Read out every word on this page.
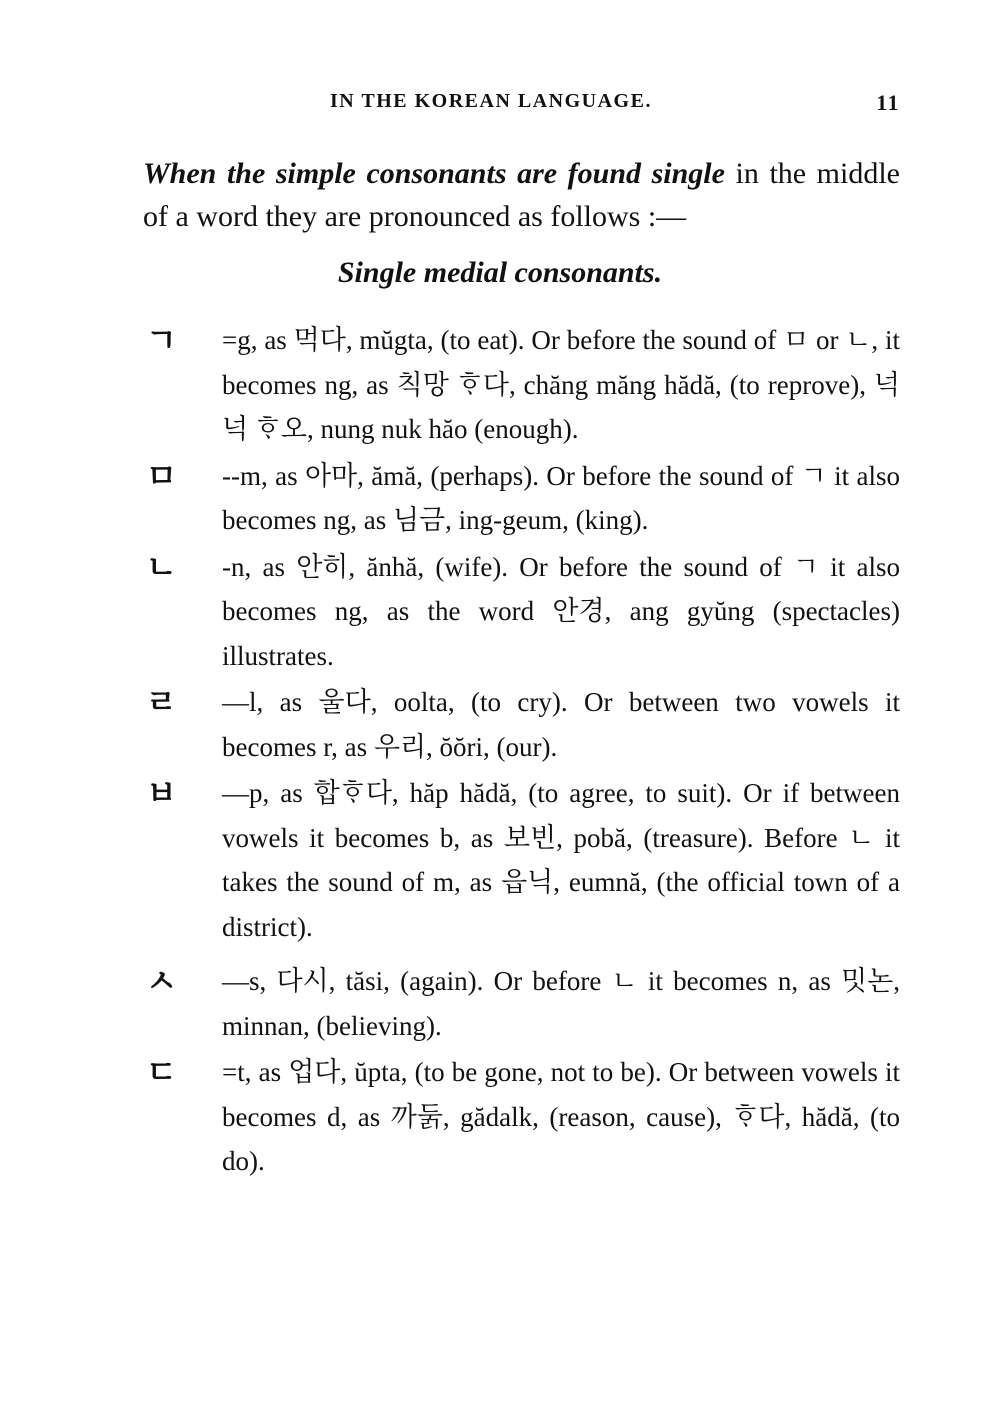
IN THE KOREAN LANGUAGE.	11
When the simple consonants are found single in the middle of a word they are pronounced as follows :—
Single medial consonants.
ㄱ	=g, as 먹다, mŭgta, (to eat). Or before the sound of ㅁ or ㄴ, it becomes ng, as 칙망 ᄒᆞ다, chăng măng hădă, (to reprove), 넉넉 ᄒᆞ오, nung nuk hăo (enough).
ㅁ	--m, as 아마, ămă, (perhaps). Or before the sound of ㄱ it also becomes ng, as 님금, ing-geum, (king).
ㄴ	-n, as 안히, ănhă, (wife). Or before the sound of ㄱ it also becomes ng, as the word 안경, ang gyŭng (spectacles) illustrates.
ㄹ	—l, as 울다, oolta, (to cry). Or between two vowels it becomes r, as 우리, ŏŏri, (our).
ㅂ	—p, as 합ᄒᆞ다, hăp hădă, (to agree, to suit). Or if between vowels it becomes b, as 보빈, pobă, (treasure). Before ㄴ it takes the sound of m, as 읍닉, eumnă, (the official town of a district).
ㅅ	—s, 다시, tăsi, (again). Or before ㄴ it becomes n, as 밋논, minnan, (believing).
ㄷ	=t, as 업다, ŭpta, (to be gone, not to be). Or between vowels it becomes d, as 까둙, gădalk, (reason, cause), ᄒᆞ다, hădă, (to do).
